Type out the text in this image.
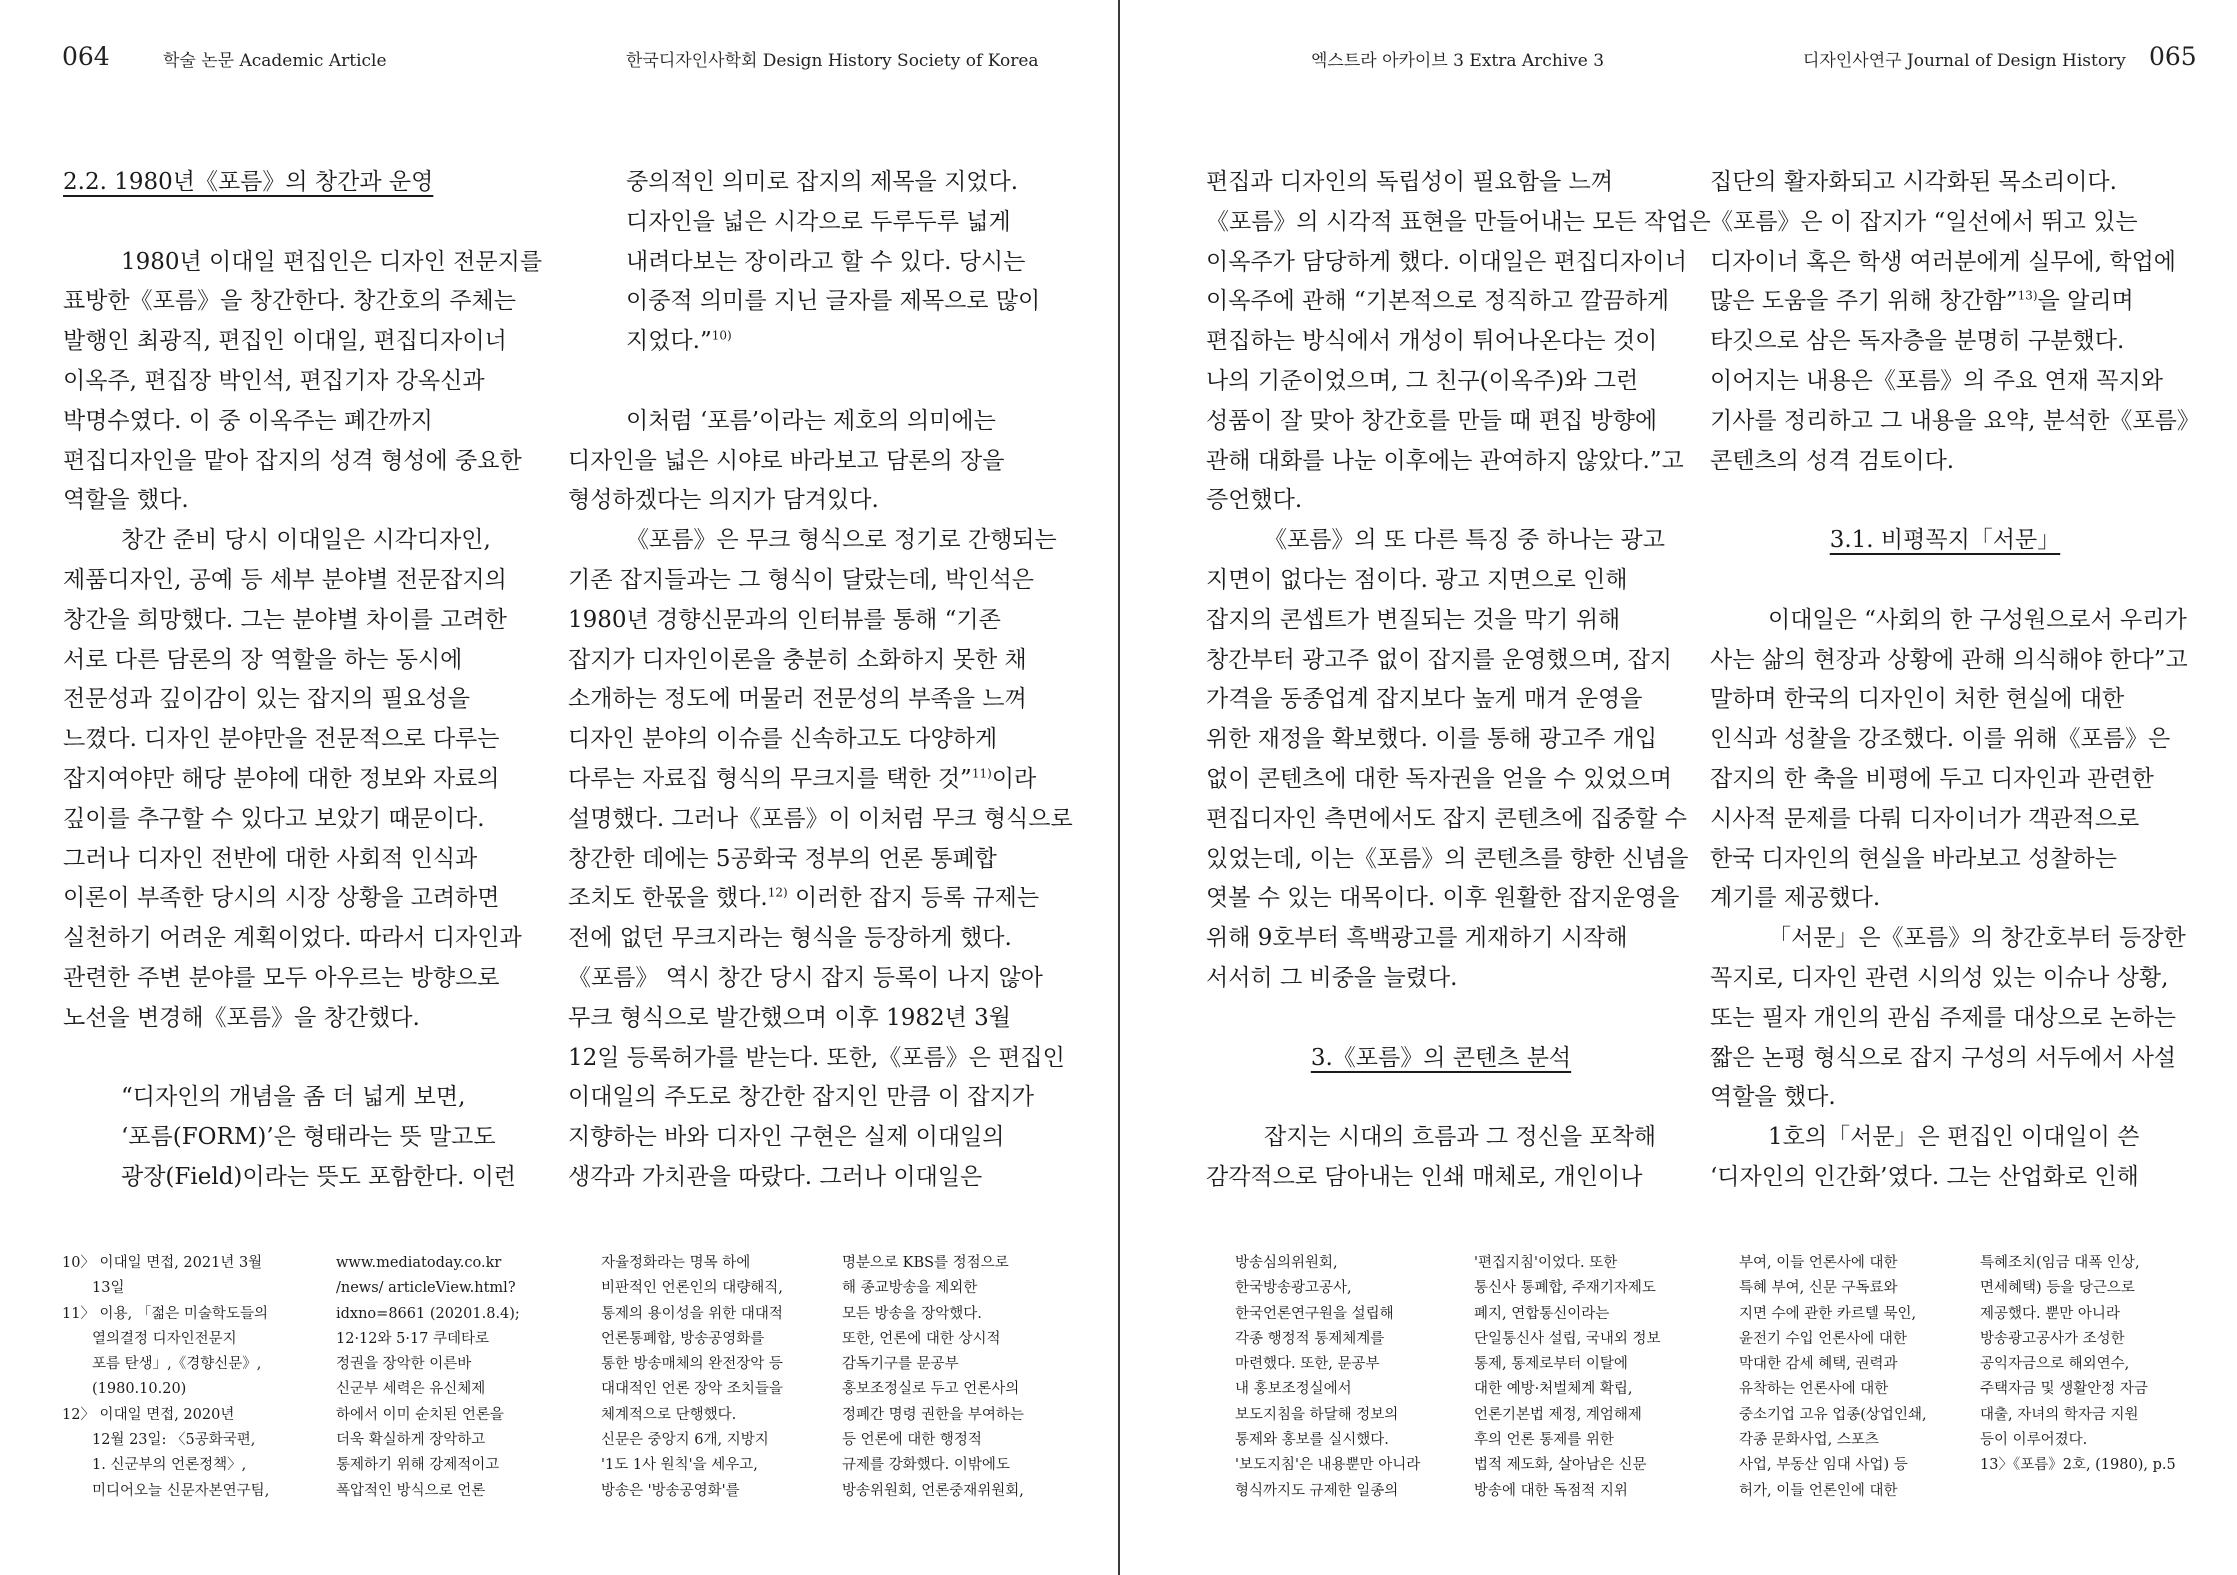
064	학술 논문 Academic Article	한국디자인사학회 Design History Society of Korea

2.2. 1980년《포름》의 창간과 운영

1980년 이대일 편집인은 디자인 전문지를

표방한《포름》을 창간한다. 창간호의 주체는

발행인 최광직, 편집인 이대일, 편집디자이너

이옥주, 편집장 박인석, 편집기자 강옥신과

박명수였다. 이 중 이옥주는 폐간까지

편집디자인을 맡아 잡지의 성격 형성에 중요한

역할을 했다.

창간 준비 당시 이대일은 시각디자인,

제품디자인, 공예 등 세부 분야별 전문잡지의

창간을 희망했다. 그는 분야별 차이를 고려한

서로 다른 담론의 장 역할을 하는 동시에

전문성과 깊이감이 있는 잡지의 필요성을

느꼈다. 디자인 분야만을 전문적으로 다루는

잡지여야만 해당 분야에 대한 정보와 자료의

깊이를 추구할 수 있다고 보았기 때문이다.

그러나 디자인 전반에 대한 사회적 인식과

이론이 부족한 당시의 시장 상황을 고려하면

실천하기 어려운 계획이었다. 따라서 디자인과

관련한 주변 분야를 모두 아우르는 방향으로

노선을 변경해《포름》을 창간했다.

“디자인의 개념을 좀 더 넓게 보면,

‘포름(FORM)’은 형태라는 뜻 말고도

광장(Field)이라는 뜻도 포함한다. 이런

중의적인 의미로 잡지의 제목을 지었다.

디자인을 넓은 시각으로 두루두루 넓게

내려다보는 장이라고 할 수 있다. 당시는

이중적 의미를 지닌 글자를 제목으로 많이

지었다.”$^{10)}$

이처럼 ‘포름’이라는 제호의 의미에는

디자인을 넓은 시야로 바라보고 담론의 장을

형성하겠다는 의지가 담겨있다.

《포름》은 무크 형식으로 정기로 간행되는

기존 잡지들과는 그 형식이 달랐는데, 박인석은

1980년 경향신문과의 인터뷰를 통해 “기존

잡지가 디자인이론을 충분히 소화하지 못한 채

소개하는 정도에 머물러 전문성의 부족을 느껴

디자인 분야의 이슈를 신속하고도 다양하게

다루는 자료집 형식의 무크지를 택한 것”$^{11)}$이라

설명했다. 그러나《포름》이 이처럼 무크 형식으로

창간한 데에는 5공화국 정부의 언론 통폐합

조치도 한몫을 했다.$^{12)}$ 이러한 잡지 등록 규제는

전에 없던 무크지라는 형식을 등장하게 했다.

《포름》 역시 창간 당시 잡지 등록이 나지 않아

무크 형식으로 발간했으며 이후 1982년 3월

12일 등록허가를 받는다. 또한,《포름》은 편집인

이대일의 주도로 창간한 잡지인 만큼 이 잡지가

지향하는 바와 디자인 구현은 실제 이대일의

생각과 가치관을 따랐다. 그러나 이대일은

10〉 이대일 면접, 2021년 3월

13일

11〉 이용, 「젊은 미술학도들의

열의결정 디자인전문지

포름 탄생」,《경향신문》,

(1980.10.20)

12〉 이대일 면접, 2020년

12월 23일: 〈5공화국편,

1. 신군부의 언론정책〉,

미디어오늘 신문자본연구팀,

www.mediatoday.co.kr

/news/ articleView.html?

idxno=8661 (20201.8.4);

12·12와 5·17 쿠데타로

정권을 장악한 이른바

신군부 세력은 유신체제

하에서 이미 순치된 언론을

더욱 확실하게 장악하고

통제하기 위해 강제적이고

폭압적인 방식으로 언론

자율정화라는 명목 하에

비판적인 언론인의 대량해직,

통제의 용이성을 위한 대대적

언론통폐합, 방송공영화를

통한 방송매체의 완전장악 등

대대적인 언론 장악 조치들을

체계적으로 단행했다.

신문은 중앙지 6개, 지방지

'1도 1사 원칙'을 세우고,

방송은 '방송공영화'를

명분으로 KBS를 정점으로

해 종교방송을 제외한

모든 방송을 장악했다.

또한, 언론에 대한 상시적

감독기구를 문공부

홍보조정실로 두고 언론사의

정폐간 명령 권한을 부여하는

등 언론에 대한 행정적

규제를 강화했다. 이밖에도

방송위원회, 언론중재위원회,

엑스트라 아카이브 3 Extra Archive 3	디자인사연구 Journal of Design History 065

편집과 디자인의 독립성이 필요함을 느껴

《포름》의 시각적 표현을 만들어내는 모든 작업은

이옥주가 담당하게 했다. 이대일은 편집디자이너

이옥주에 관해 “기본적으로 정직하고 깔끔하게

편집하는 방식에서 개성이 튀어나온다는 것이

나의 기준이었으며, 그 친구(이옥주)와 그런

성품이 잘 맞아 창간호를 만들 때 편집 방향에

관해 대화를 나눈 이후에는 관여하지 않았다.”고

증언했다.

《포름》의 또 다른 특징 중 하나는 광고

지면이 없다는 점이다. 광고 지면으로 인해

잡지의 콘셉트가 변질되는 것을 막기 위해

창간부터 광고주 없이 잡지를 운영했으며, 잡지

가격을 동종업계 잡지보다 높게 매겨 운영을

위한 재정을 확보했다. 이를 통해 광고주 개입

없이 콘텐츠에 대한 독자권을 얻을 수 있었으며

편집디자인 측면에서도 잡지 콘텐츠에 집중할 수

있었는데, 이는《포름》의 콘텐츠를 향한 신념을

엿볼 수 있는 대목이다. 이후 원활한 잡지운영을

위해 9호부터 흑백광고를 게재하기 시작해

서서히 그 비중을 늘렸다.

3.《포름》의 콘텐츠 분석

잡지는 시대의 흐름과 그 정신을 포착해

감각적으로 담아내는 인쇄 매체로, 개인이나

집단의 활자화되고 시각화된 목소리이다.

《포름》은 이 잡지가 “일선에서 뛰고 있는

디자이너 혹은 학생 여러분에게 실무에, 학업에

많은 도움을 주기 위해 창간함”$^{13)}$을 알리며

타깃으로 삼은 독자층을 분명히 구분했다.

이어지는 내용은《포름》의 주요 연재 꼭지와

기사를 정리하고 그 내용을 요약, 분석한《포름》

콘텐츠의 성격 검토이다.

3.1. 비평꼭지「서문」

이대일은 “사회의 한 구성원으로서 우리가

사는 삶의 현장과 상황에 관해 의식해야 한다”고

말하며 한국의 디자인이 처한 현실에 대한

인식과 성찰을 강조했다. 이를 위해《포름》은

잡지의 한 축을 비평에 두고 디자인과 관련한

시사적 문제를 다뤄 디자이너가 객관적으로

한국 디자인의 현실을 바라보고 성찰하는

계기를 제공했다.

「서문」은《포름》의 창간호부터 등장한

꼭지로, 디자인 관련 시의성 있는 이슈나 상황,

또는 필자 개인의 관심 주제를 대상으로 논하는

짧은 논평 형식으로 잡지 구성의 서두에서 사설

역할을 했다.

1호의「서문」은 편집인 이대일이 쓴

‘디자인의 인간화’였다. 그는 산업화로 인해

방송심의위원회,

한국방송광고공사,

한국언론연구원을 설립해

각종 행정적 통제체계를

마련했다. 또한, 문공부

내 홍보조정실에서

보도지침을 하달해 정보의

통제와 홍보를 실시했다.

'보도지침'은 내용뿐만 아니라

형식까지도 규제한 일종의

'편집지침'이었다. 또한

통신사 통폐합, 주재기자제도

폐지, 연합통신이라는

단일통신사 설립, 국내외 정보

통제, 통제로부터 이탈에

대한 예방·처벌체계 확립,

언론기본법 제정, 계엄해제

후의 언론 통제를 위한

법적 제도화, 살아남은 신문

방송에 대한 독점적 지위

부여, 이들 언론사에 대한

특혜 부여, 신문 구독료와

지면 수에 관한 카르텔 묵인,

윤전기 수입 언론사에 대한

막대한 감세 혜택, 권력과

유착하는 언론사에 대한

중소기업 고유 업종(상업인쇄,

각종 문화사업, 스포츠

사업, 부동산 임대 사업) 등

허가, 이들 언론인에 대한

특혜조치(임금 대폭 인상,

면세혜택) 등을 당근으로

제공했다. 뿐만 아니라

방송광고공사가 조성한

공익자금으로 해외연수,

주택자금 및 생활안정 자금

대출, 자녀의 학자금 지원

등이 이루어졌다.

13〉《포름》2호, (1980), p.5
